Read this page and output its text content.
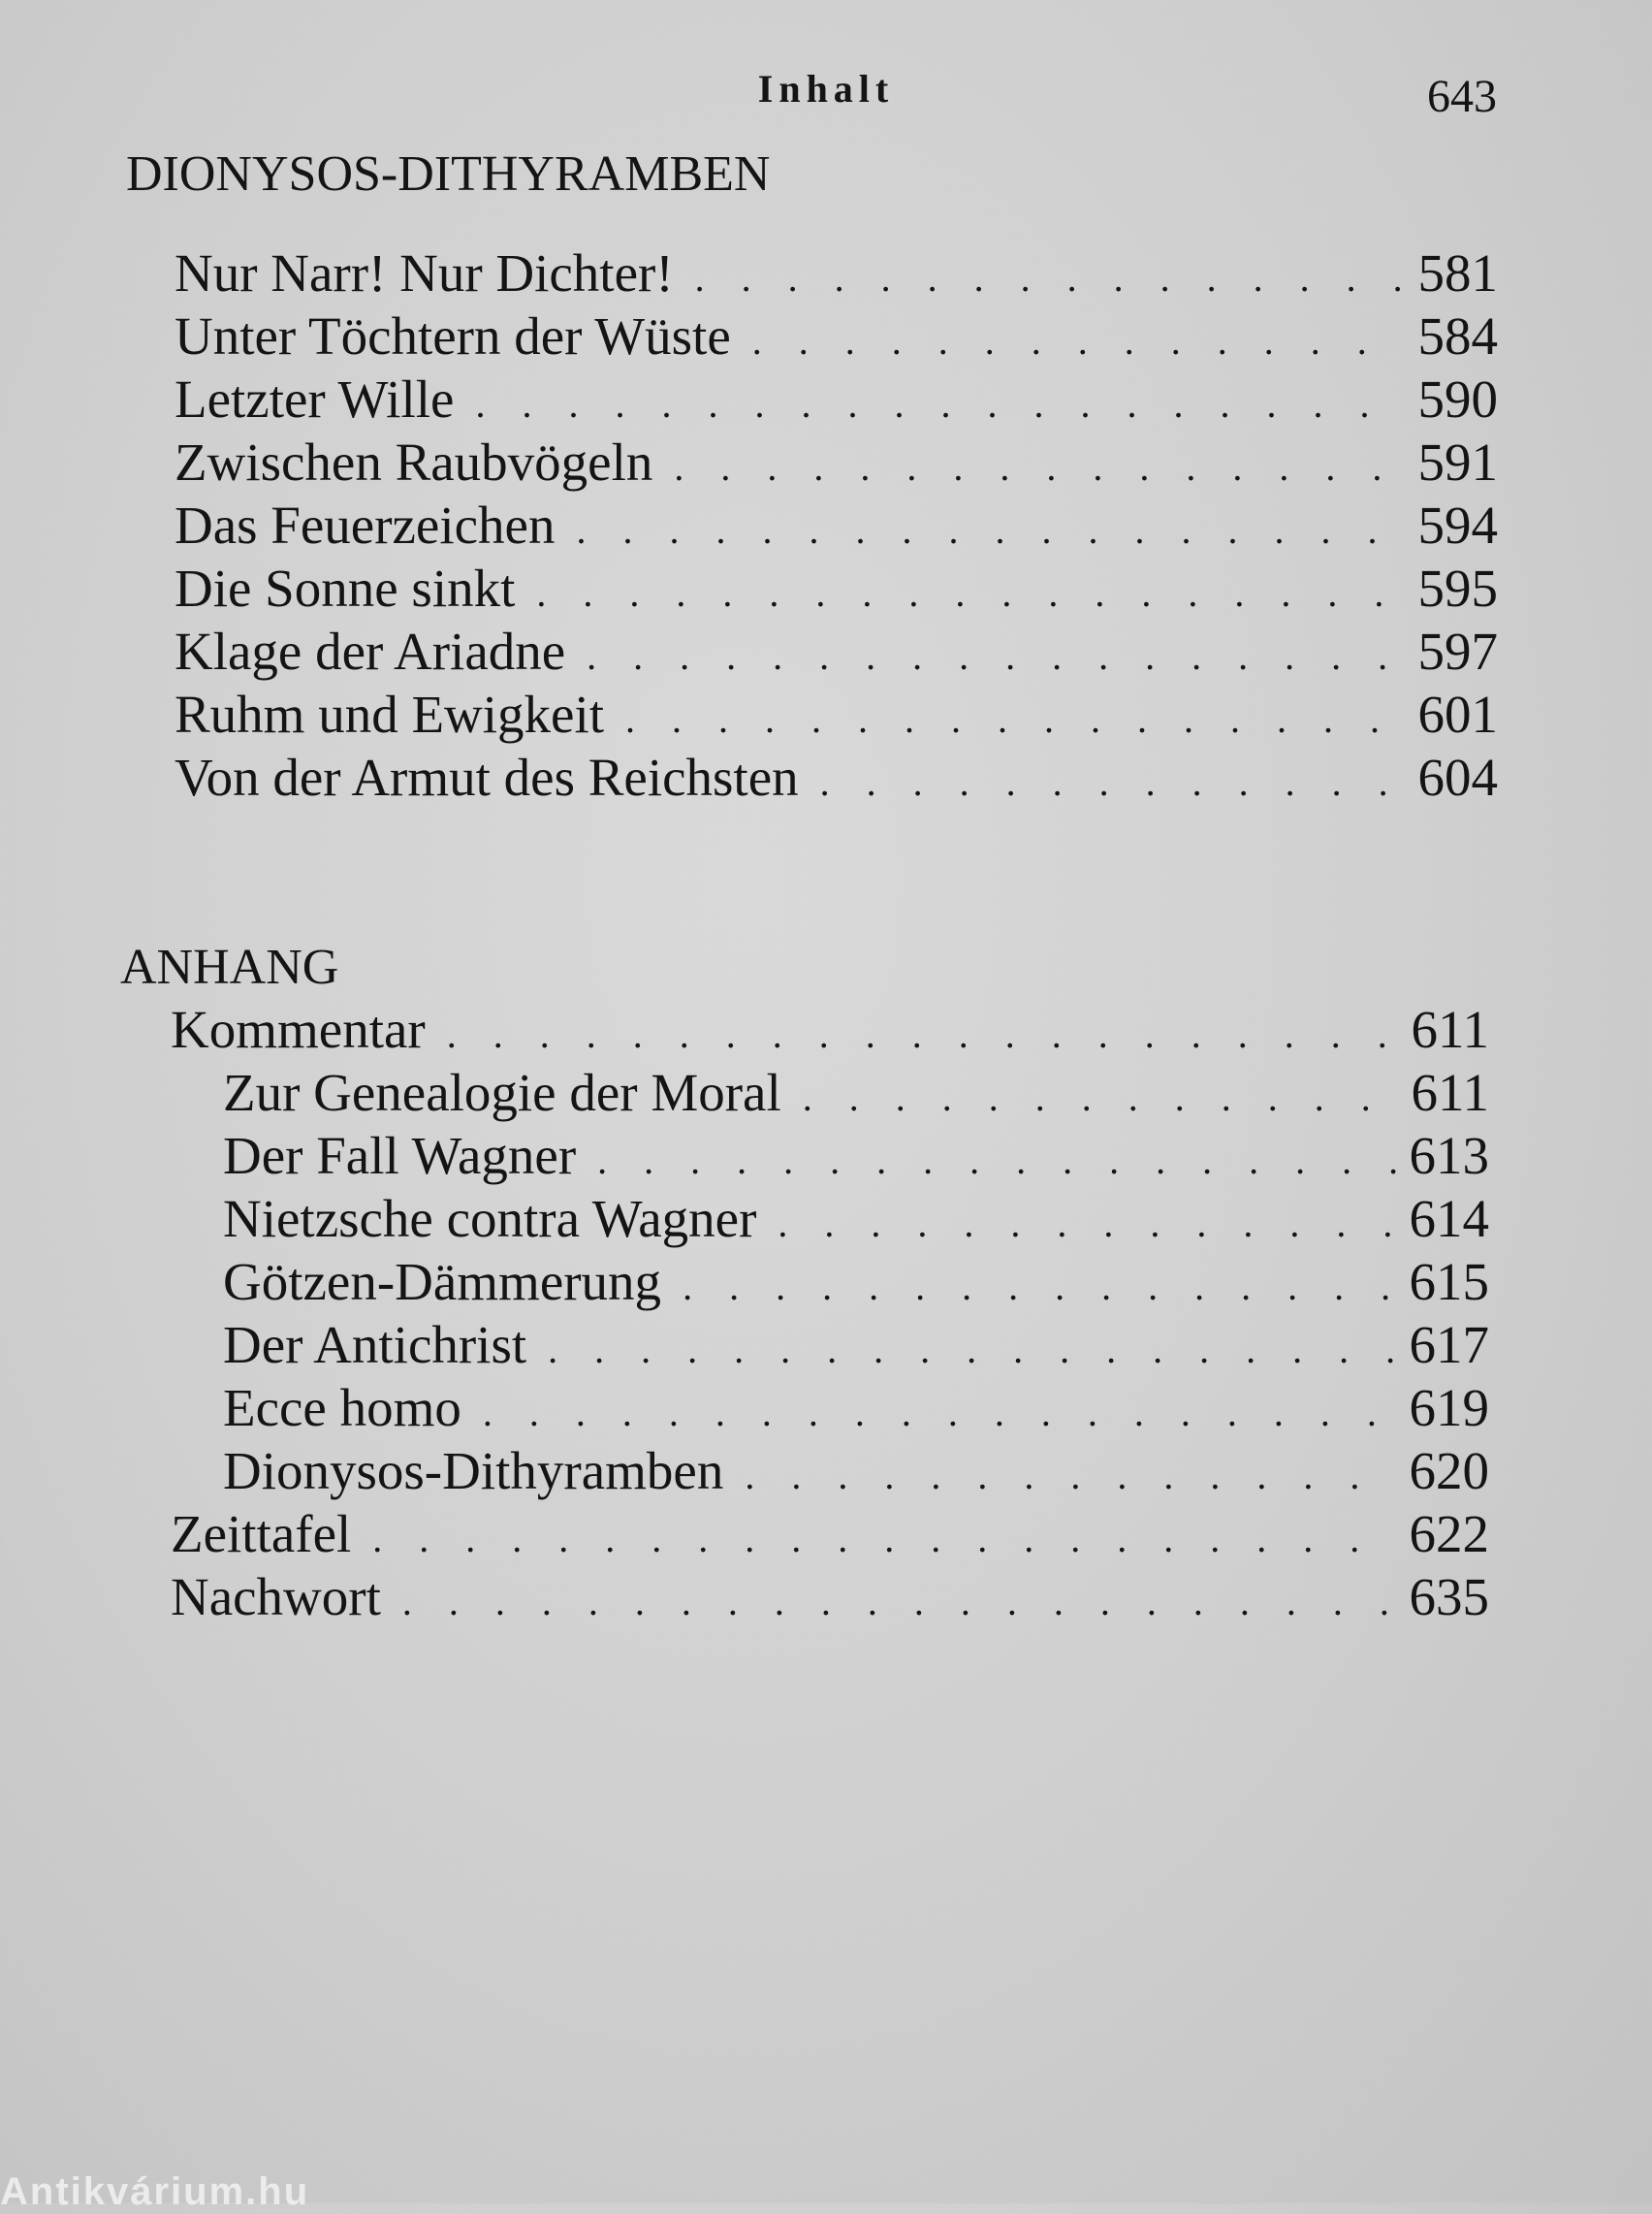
Inhalt	643
DIONYSOS-DITHYRAMBEN
Nur Narr! Nur Dichter! . . .	581
Unter Töchtern der Wüste . . .	584
Letzter Wille . . .	590
Zwischen Raubvögeln . . .	591
Das Feuerzeichen . . .	594
Die Sonne sinkt . . .	595
Klage der Ariadne . . .	597
Ruhm und Ewigkeit . . .	601
Von der Armut des Reichsten . . .	604
ANHANG
Kommentar . . .	611
Zur Genealogie der Moral . . .	611
Der Fall Wagner . . .	613
Nietzsche contra Wagner . . .	614
Götzen-Dämmerung . . .	615
Der Antichrist . . .	617
Ecce homo . . .	619
Dionysos-Dithyramben . . .	620
Zeittafel . . .	622
Nachwort . . .	635
Antikvárium.hu
